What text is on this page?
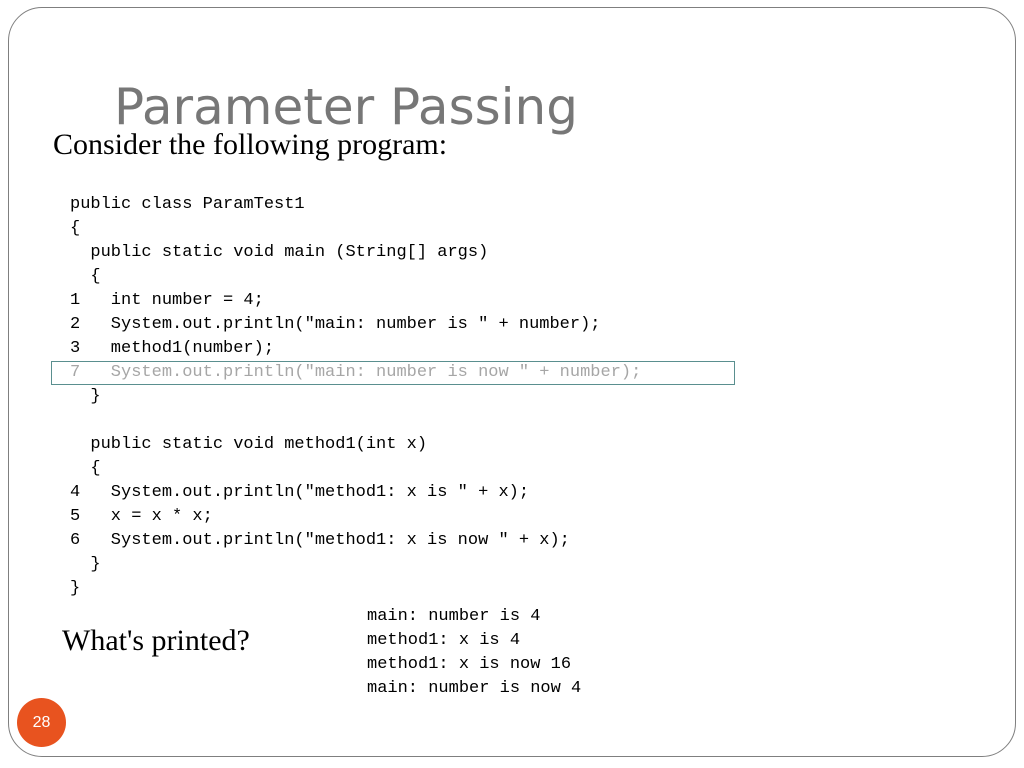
Parameter Passing
Consider the following program:
public class ParamTest1
{
public static void main (String[] args)
{
1   int number = 4;
2   System.out.println("main: number is " + number);
3   method1(number);
7   System.out.println("main: number is now " + number);
}
public static void method1(int x)
{
4   System.out.println("method1: x is " + x);
5   x = x * x;
6   System.out.println("method1: x is now " + x);
}
}
What's printed?
main: number is 4
method1: x is 4
method1: x is now 16
main: number is now 4
28
